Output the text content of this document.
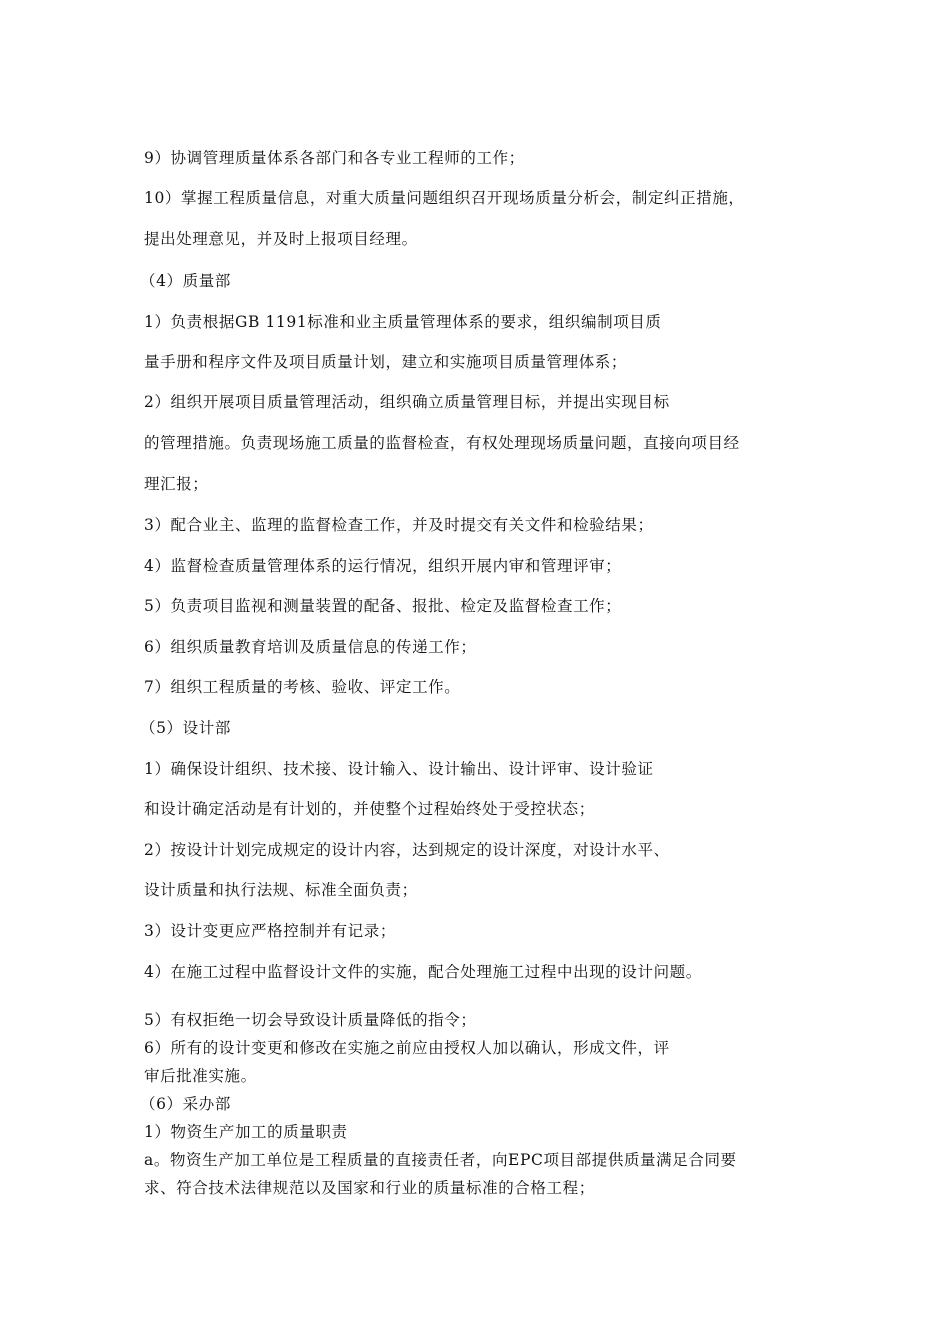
9）协调管理质量体系各部门和各专业工程师的工作；
10）掌握工程质量信息，对重大质量问题组织召开现场质量分析会，制定纠正措施，
提出处理意见，并及时上报项目经理。
（4）质量部
1）负责根据GB 1191标准和业主质量管理体系的要求，组织编制项目质
量手册和程序文件及项目质量计划，建立和实施项目质量管理体系；
2）组织开展项目质量管理活动，组织确立质量管理目标，并提出实现目标
的管理措施。负责现场施工质量的监督检查，有权处理现场质量问题，直接向项目经
理汇报；
3）配合业主、监理的监督检查工作，并及时提交有关文件和检验结果；
4）监督检查质量管理体系的运行情况，组织开展内审和管理评审；
5）负责项目监视和测量装置的配备、报批、检定及监督检查工作；
6）组织质量教育培训及质量信息的传递工作；
7）组织工程质量的考核、验收、评定工作。
（5）设计部
1）确保设计组织、技术接、设计输入、设计输出、设计评审、设计验证
和设计确定活动是有计划的，并使整个过程始终处于受控状态；
2）按设计计划完成规定的设计内容，达到规定的设计深度，对设计水平、
设计质量和执行法规、标准全面负责；
3）设计变更应严格控制并有记录；
4）在施工过程中监督设计文件的实施，配合处理施工过程中出现的设计问题。
5）有权拒绝一切会导致设计质量降低的指令；
6）所有的设计变更和修改在实施之前应由授权人加以确认，形成文件，评
审后批准实施。
（6）采办部
1）物资生产加工的质量职责
a。物资生产加工单位是工程质量的直接责任者，向EPC项目部提供质量满足合同要
求、符合技术法律规范以及国家和行业的质量标准的合格工程；
